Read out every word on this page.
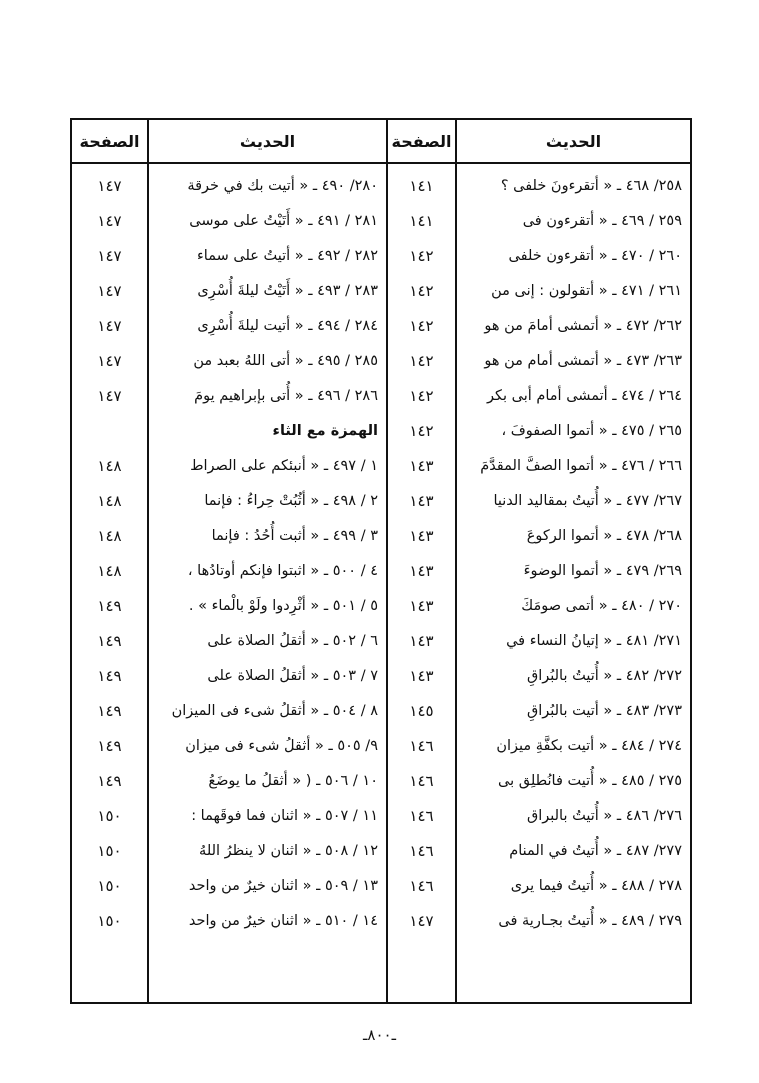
الحديث
الصفحة
الحديث
الصفحة
٢٥٨/ ٤٦٨ ـ « أتقرءونَ خلفى ؟
١٤١
٢٨٠/ ٤٩٠ ـ « أتيت بك في خرقة
١٤٧
٢٥٩ / ٤٦٩ ـ « أتقرءون فى
١٤١
٢٨١ / ٤٩١ ـ « أَتَيْتُ على موسى
١٤٧
٢٦٠ / ٤٧٠ ـ « أتقرءون خلفى
١٤٢
٢٨٢ / ٤٩٢ ـ « أتيتُ على سماء
١٤٧
٢٦١ / ٤٧١ ـ « أتقولون : إنى من
١٤٢
٢٨٣ / ٤٩٣ ـ « أَتَيْتُ ليلةَ أُسْرِى
١٤٧
٢٦٢/ ٤٧٢ ـ « أتمشى أمامَ من هو
١٤٢
٢٨٤ / ٤٩٤ ـ « أتيت ليلةَ أُسْرِى
١٤٧
٢٦٣/ ٤٧٣ ـ « أتمشى أمام من هو
١٤٢
٢٨٥ / ٤٩٥ ـ « أتى اللهُ بعبد من
١٤٧
٢٦٤ / ٤٧٤ ـ أتمشى أمام أبى بكر
١٤٢
٢٨٦ / ٤٩٦ ـ « أُتى بإبراهيم يومَ
١٤٧
٢٦٥ / ٤٧٥ ـ « أتموا الصفوفَ ،
١٤٢
الهمزة مع الثاء
٢٦٦ / ٤٧٦ ـ « أتموا الصفَّ المقدَّمَ
١٤٣
١ / ٤٩٧ ـ « أنبئكم على الصراط
١٤٨
٢٦٧/ ٤٧٧ ـ « أُتيتُ بمقاليد الدنيا
١٤٣
٢ / ٤٩٨ ـ « أثُبُتْ حِراءُ : فإنما
١٤٨
٢٦٨/ ٤٧٨ ـ « أتموا الركوعَ
١٤٣
٣ / ٤٩٩ ـ « أثبت أُحُدُ : فإنما
١٤٨
٢٦٩/ ٤٧٩ ـ « أتموا الوضوءَ
١٤٣
٤ / ٥٠٠ ـ « اثبتوا فإنكم أوتادُها ،
١٤٨
٢٧٠ / ٤٨٠ ـ « أتمى صومَكَ
١٤٣
٥ / ٥٠١ ـ « أثْرِدوا ولَوْ بالْماء » .
١٤٩
٢٧١/ ٤٨١ ـ « إتيانُ النساء في
١٤٣
٦ / ٥٠٢ ـ « أثقلُ الصلاة على
١٤٩
٢٧٢/ ٤٨٢ ـ « أُتيتُ بالبُراقِ
١٤٣
٧ / ٥٠٣ ـ « أثقلُ الصلاة على
١٤٩
٢٧٣/ ٤٨٣ ـ « أتيت بالبُراقِ
١٤٥
٨ / ٥٠٤ ـ « أثقلُ شىء فى الميزان
١٤٩
٢٧٤ / ٤٨٤ ـ « أتيت بكفَّةِ ميزان
١٤٦
٩/ ٥٠٥ ـ « أثقلُ شىء فى ميزان
١٤٩
٢٧٥ / ٤٨٥ ـ « أُتيت فانُطلِق بى
١٤٦
١٠ / ٥٠٦ ـ ( « أثقلُ ما يوضَعُ
١٤٩
٢٧٦/ ٤٨٦ ـ « أُتيتُ بالبراق
١٤٦
١١ / ٥٠٧ ـ « اثنان فما فوقَهما :
١٥٠
٢٧٧/ ٤٨٧ ـ « أُتيتُ في المنام
١٤٦
١٢ / ٥٠٨ ـ « اثنان لا ينظرُ اللهُ
١٥٠
٢٧٨ / ٤٨٨ ـ « أُتيتُ فيما يرى
١٤٦
١٣ / ٥٠٩ ـ « اثنان خيرٌ من واحد
١٥٠
٢٧٩ / ٤٨٩ ـ « أُتيتُ بجـارية فى
١٤٧
١٤ / ٥١٠ ـ « اثنان خيرٌ من واحد
١٥٠
ـ٨٠٠ـ
